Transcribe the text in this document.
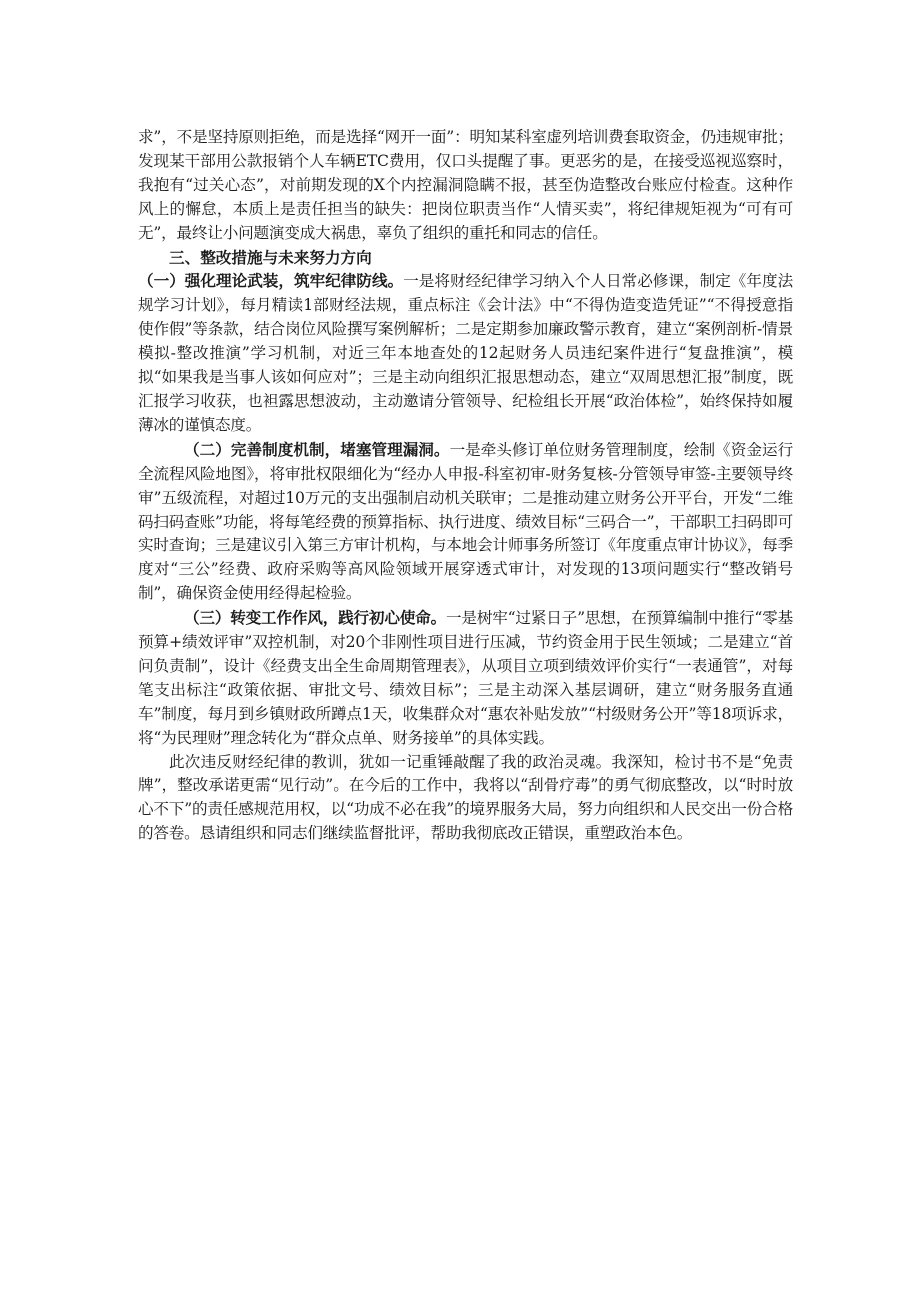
求”，不是坚持原则拒绝，而是选择“网开一面”：明知某科室虚列培训费套取资金，仍违规审批；发现某干部用公款报销个人车辆ETC费用，仅口头提醒了事。更恶劣的是，在接受巡视巡察时，我抱有“过关心态”，对前期发现的X个内控漏洞隐瞒不报，甚至伪造整改台账应付检查。这种作风上的懈怠，本质上是责任担当的缺失：把岗位职责当作“人情买卖”，将纪律规矩视为“可有可无”，最终让小问题演变成大祸患，辜负了组织的重托和同志的信任。

三、整改措施与未来努力方向

（一）强化理论武装，筑牢纪律防线。一是将财经纪律学习纳入个人日常必修课，制定《年度法规学习计划》，每月精读1部财经法规，重点标注《会计法》中“不得伪造变造凭证”“不得授意指使作假”等条款，结合岗位风险撰写案例解析；二是定期参加廉政警示教育，建立“案例剖析-情景模拟-整改推演”学习机制，对近三年本地查处的12起财务人员违纪案件进行“复盘推演”，模拟“如果我是当事人该如何应对”；三是主动向组织汇报思想动态，建立“双周思想汇报”制度，既汇报学习收获，也袒露思想波动，主动邀请分管领导、纪检组长开展“政治体检”，始终保持如履薄冰的谨慎态度。

（二）完善制度机制，堵塞管理漏洞。一是牵头修订单位财务管理制度，绘制《资金运行全流程风险地图》，将审批权限细化为“经办人申报-科室初审-财务复核-分管领导审签-主要领导终审”五级流程，对超过10万元的支出强制启动机关联审；二是推动建立财务公开平台，开发“二维码扫码查账”功能，将每笔经费的预算指标、执行进度、绩效目标“三码合一”，干部职工扫码即可实时查询；三是建议引入第三方审计机构，与本地会计师事务所签订《年度重点审计协议》，每季度对“三公”经费、政府采购等高风险领域开展穿透式审计，对发现的13项问题实行“整改销号制”，确保资金使用经得起检验。

（三）转变工作作风，践行初心使命。一是树牢“过紧日子”思想，在预算编制中推行“零基预算+绩效评审”双控机制，对20个非刚性项目进行压减，节约资金用于民生领域；二是建立“首问负责制”，设计《经费支出全生命周期管理表》，从项目立项到绩效评价实行“一表通管”，对每笔支出标注“政策依据、审批文号、绩效目标”；三是主动深入基层调研，建立“财务服务直通车”制度，每月到乡镇财政所蹲点1天，收集群众对“惠农补贴发放”“村级财务公开”等18项诉求，将“为民理财”理念转化为“群众点单、财务接单”的具体实践。

此次违反财经纪律的教训，犹如一记重锤敲醒了我的政治灵魂。我深知，检讨书不是“免责牌”，整改承诺更需“见行动”。在今后的工作中，我将以“刮骨疗毒”的勇气彻底整改，以“时时放心不下”的责任感规范用权，以“功成不必在我”的境界服务大局，努力向组织和人民交出一份合格的答卷。恳请组织和同志们继续监督批评，帮助我彻底改正错误，重塑政治本色。
